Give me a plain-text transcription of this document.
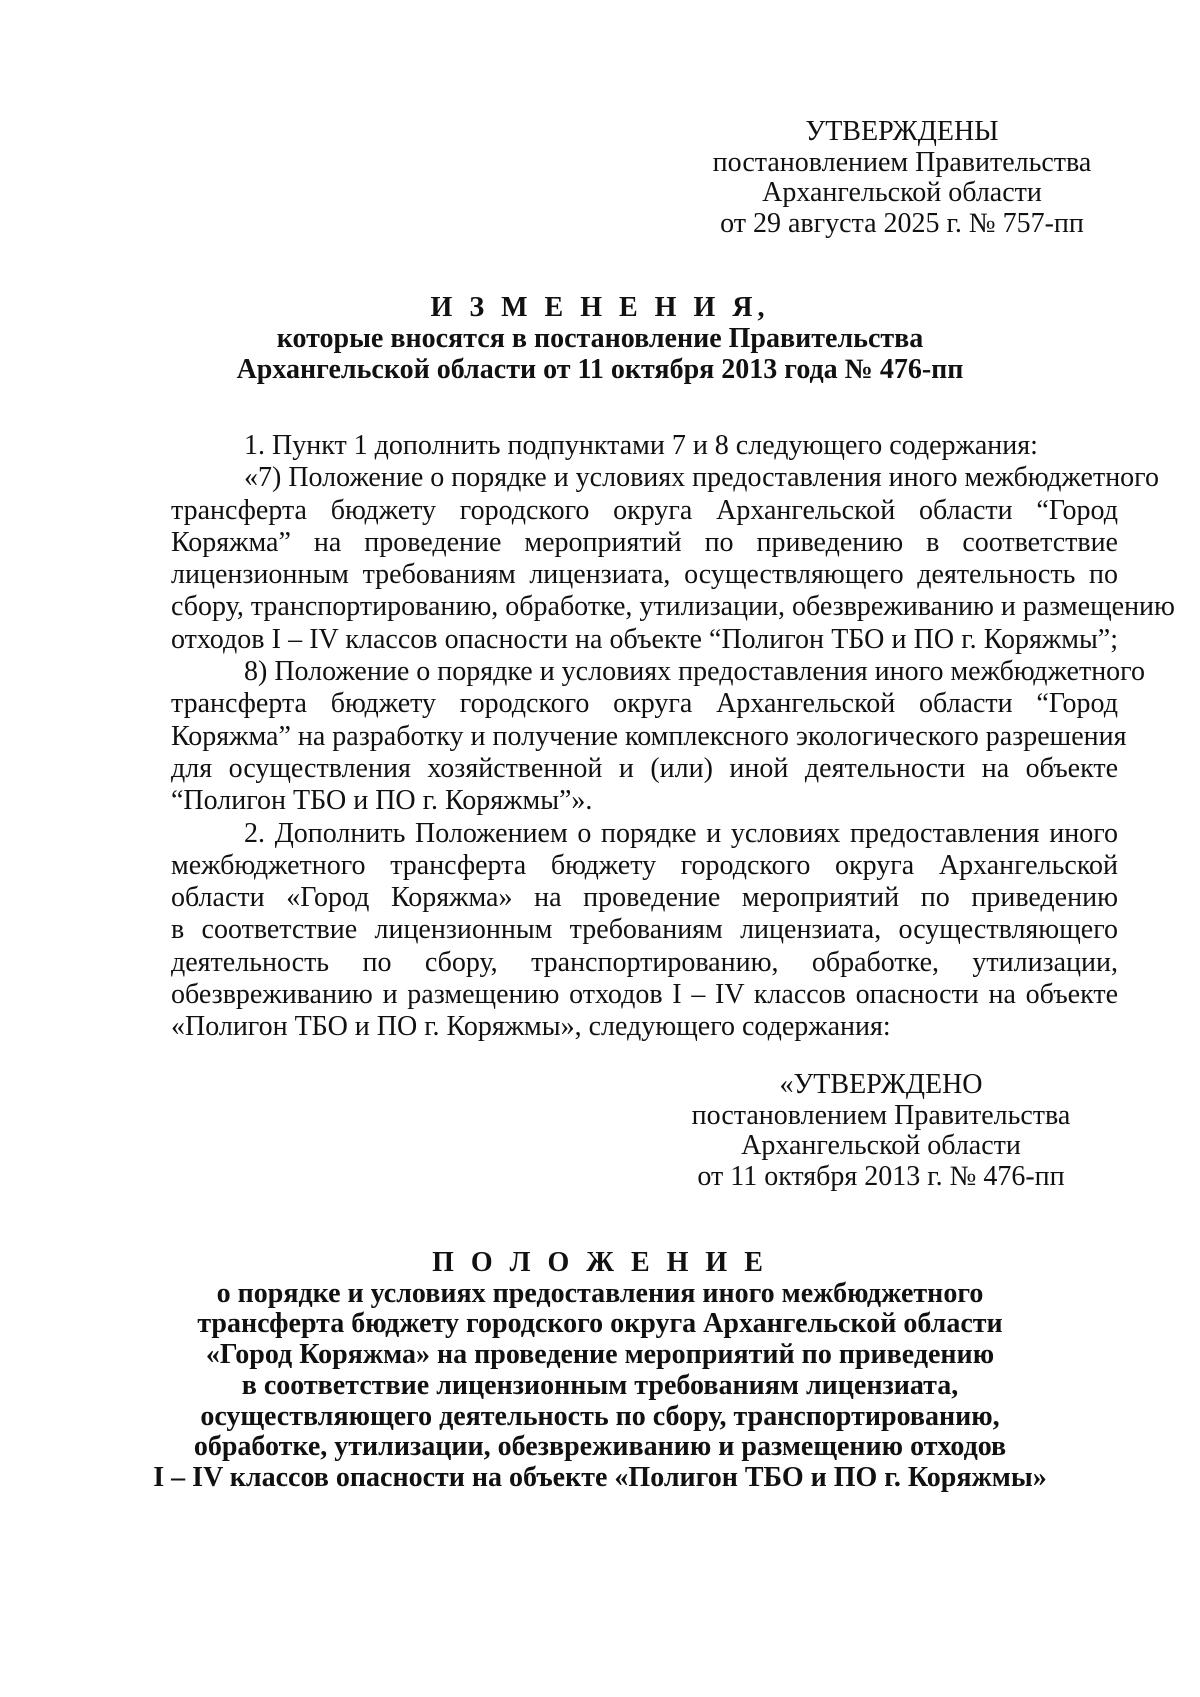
УТВЕРЖДЕНЫ
постановлением Правительства
Архангельской области
от 29 августа 2025 г. № 757-пп
И З М Е Н Е Н И Я,
которые вносятся в постановление Правительства
Архангельской области от 11 октября 2013 года № 476-пп
1. Пункт 1 дополнить подпунктами 7 и 8 следующего содержания:
«7) Положение о порядке и условиях предоставления иного межбюджетного
трансферта бюджету городского округа Архангельской области “Город
Коряжма” на проведение мероприятий по приведению в соответствие
лицензионным требованиям лицензиата, осуществляющего деятельность по
сбору, транспортированию, обработке, утилизации, обезвреживанию и размещению
отходов I – IV классов опасности на объекте “Полигон ТБО и ПО г. Коряжмы”;
8) Положение о порядке и условиях предоставления иного межбюджетного
трансферта бюджету городского округа Архангельской области “Город
Коряжма” на разработку и получение комплексного экологического разрешения
для осуществления хозяйственной и (или) иной деятельности на объекте
“Полигон ТБО и ПО г. Коряжмы”».
2. Дополнить Положением о порядке и условиях предоставления иного
межбюджетного трансферта бюджету городского округа Архангельской
области «Город Коряжма» на проведение мероприятий по приведению
в соответствие лицензионным требованиям лицензиата, осуществляющего
деятельность по сбору, транспортированию, обработке, утилизации,
обезвреживанию и размещению отходов I – IV классов опасности на объекте
«Полигон ТБО и ПО г. Коряжмы», следующего содержания:
«УТВЕРЖДЕНО
постановлением Правительства
Архангельской области
от 11 октября 2013 г. № 476-пп
П О Л О Ж Е Н И Е
о порядке и условиях предоставления иного межбюджетного
трансферта бюджету городского округа Архангельской области
«Город Коряжма» на проведение мероприятий по приведению
в соответствие лицензионным требованиям лицензиата,
осуществляющего деятельность по сбору, транспортированию,
обработке, утилизации, обезвреживанию и размещению отходов
I – IV классов опасности на объекте «Полигон ТБО и ПО г. Коряжмы»
